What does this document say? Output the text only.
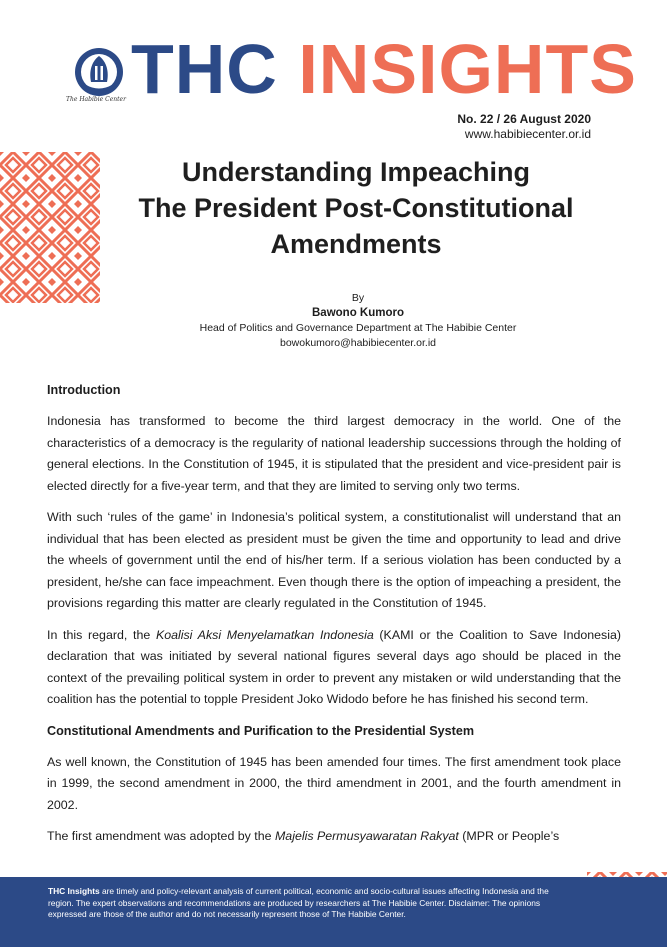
The Habibie Center THC INSIGHTS
No. 22 / 26 August 2020
www.habibiecenter.or.id
Understanding Impeaching
The President Post-Constitutional
Amendments
By
Bawono Kumoro
Head of Politics and Governance Department at The Habibie Center
bowokumoro@habibiecenter.or.id
Introduction

Indonesia has transformed to become the third largest democracy in the world. One of the characteristics of a democracy is the regularity of national leadership successions through the holding of general elections. In the Constitution of 1945, it is stipulated that the president and vice-president pair is elected directly for a five-year term, and that they are limited to serving only two terms.

With such ‘rules of the game’ in Indonesia’s political system, a constitutionalist will understand that an individual that has been elected as president must be given the time and opportunity to lead and drive the wheels of government until the end of his/her term. If a serious violation has been conducted by a president, he/she can face impeachment. Even though there is the option of impeaching a president, the provisions regarding this matter are clearly regulated in the Constitution of 1945.

In this regard, the Koalisi Aksi Menyelamatkan Indonesia (KAMI or the Coalition to Save Indonesia) declaration that was initiated by several national figures several days ago should be placed in the context of the prevailing political system in order to prevent any mistaken or wild understanding that the coalition has the potential to topple President Joko Widodo before he has finished his second term.

Constitutional Amendments and Purification to the Presidential System

As well known, the Constitution of 1945 has been amended four times. The first amendment took place in 1999, the second amendment in 2000, the third amendment in 2001, and the fourth amendment in 2002.

The first amendment was adopted by the Majelis Permusyawaratan Rakyat (MPR or People’s

THC Insights are timely and policy-relevant analysis of current political, economic and socio-cultural issues affecting Indonesia and the region. The expert observations and recommendations are produced by researchers at The Habibie Center. Disclaimer: The opinions expressed are those of the author and do not necessarily represent those of The Habibie Center.
